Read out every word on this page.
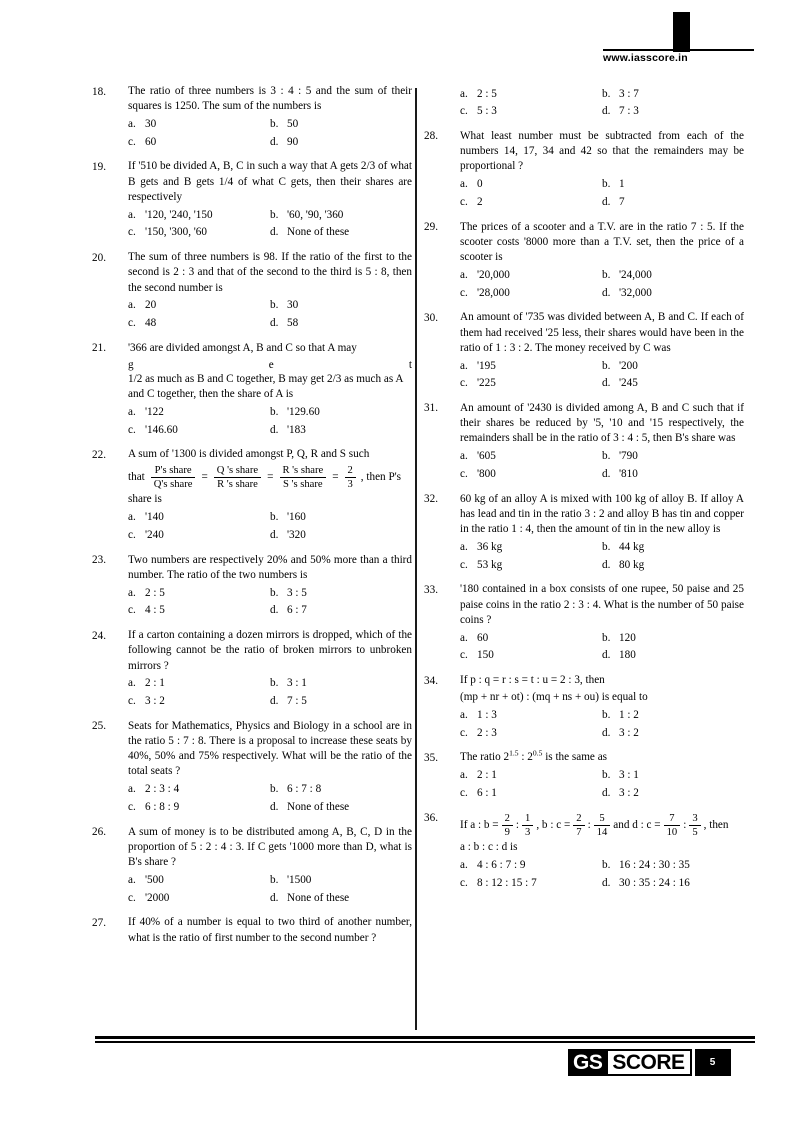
www.iasscore.in
18.	The ratio of three numbers is 3 : 4 : 5 and the sum of their squares is 1250. The sum of the numbers is
a. 30	b. 50
c. 60	d. 90
19.	If '510 be divided A, B, C in such a way that A gets 2/3 of what B gets and B gets 1/4 of what C gets, then their shares are respectively
a. '120, '240, '150	b. '60, '90, '360
c. '150, '300, '60	d. None of these
20.	The sum of three numbers is 98. If the ratio of the first to the second is 2 : 3 and that of the second to the third is 5 : 8, then the second number is
a. 20	b. 30
c. 48	d. 58
21.	'366 are divided amongst A, B and C so that A may
g	e	t
1/2 as much as B and C together, B may get 2/3 as much as A and C together, then the share of A is
a. '122	b. '129.60
c. '146.60	d. '183
22.	A sum of '1300 is divided amongst P, Q, R and S such
that $\frac{\text{P's share}}{\text{Q's share}} = \frac{\text{Q 's share}}{\text{R 's share}} = \frac{\text{R 's share}}{\text{S 's share}} = \frac{2}{3}$ , then P's
share is
a. '140	b. '160
c. '240	d. '320
23.	Two numbers are respectively 20% and 50% more than a third number. The ratio of the two numbers is
a. 2 : 5	b. 3 : 5
c. 4 : 5	d. 6 : 7
24.	If a carton containing a dozen mirrors is dropped, which of the following cannot be the ratio of broken mirrors to unbroken mirrors ?
a. 2 : 1	b. 3 : 1
c. 3 : 2	d. 7 : 5
25.	Seats for Mathematics, Physics and Biology in a school are in the ratio 5 : 7 : 8. There is a proposal to increase these seats by 40%, 50% and 75% respectively. What will be the ratio of the total seats ?
a. 2 : 3 : 4	b. 6 : 7 : 8
c. 6 : 8 : 9	d. None of these
26.	A sum of money is to be distributed among A, B, C, D in the proportion of 5 : 2 : 4 : 3. If C gets '1000 more than D, what is B's share ?
a. '500	b. '1500
c. '2000	d. None of these
27.	If 40% of a number is equal to two third of another number, what is the ratio of first number to the second number ?
a. 2 : 5	b. 3 : 7
c. 5 : 3	d. 7 : 3
28.	What least number must be subtracted from each of the numbers 14, 17, 34 and 42 so that the remainders may be proportional ?
a. 0	b. 1
c. 2	d. 7
29.	The prices of a scooter and a T.V. are in the ratio 7 : 5. If the scooter costs '8000 more than a T.V. set, then the price of a scooter is
a. '20,000	b. '24,000
c. '28,000	d. '32,000
30.	An amount of '735 was divided between A, B and C. If each of them had received '25 less, their shares would have been in the ratio of 1 : 3 : 2. The money received by C was
a. '195	b. '200
c. '225	d. '245
31.	An amount of '2430 is divided among A, B and C such that if their shares be reduced by '5, '10 and '15 respectively, the remainders shall be in the ratio of 3 : 4 : 5, then B's share was
a. '605	b. '790
c. '800	d. '810
32.	60 kg of an alloy A is mixed with 100 kg of alloy B. If alloy A has lead and tin in the ratio 3 : 2 and alloy B has tin and copper in the ratio 1 : 4, then the amount of tin in the new alloy is
a. 36 kg	b. 44 kg
c. 53 kg	d. 80 kg
33.	'180 contained in a box consists of one rupee, 50 paise and 25 paise coins in the ratio 2 : 3 : 4. What is the number of 50 paise coins ?
a. 60	b. 120
c. 150	d. 180
34.	If p : q = r : s = t : u = 2 : 3, then
(mp + nr + ot) : (mq + ns + ou) is equal to
a. 1 : 3	b. 1 : 2
c. 2 : 3	d. 3 : 2
35.	The ratio $2^{1.5}$ : $2^{0.5}$ is the same as
a. 2 : 1	b. 3 : 1
c. 6 : 1	d. 3 : 2
36.
If a : $b = \frac{2}{9}$ : $\frac{1}{3}$ , b : $c = \frac{2}{7}$ : $\frac{5}{14}$ and d : $c = \frac{7}{10}$ : $\frac{3}{5}$ , then
a : b : c : d is
a. 4 : 6 : 7 : 9	b. 16 : 24 : 30 : 35
c. 8 : 12 : 15 : 7	d. 30 : 35 : 24 : 16
GS SCORE	5
